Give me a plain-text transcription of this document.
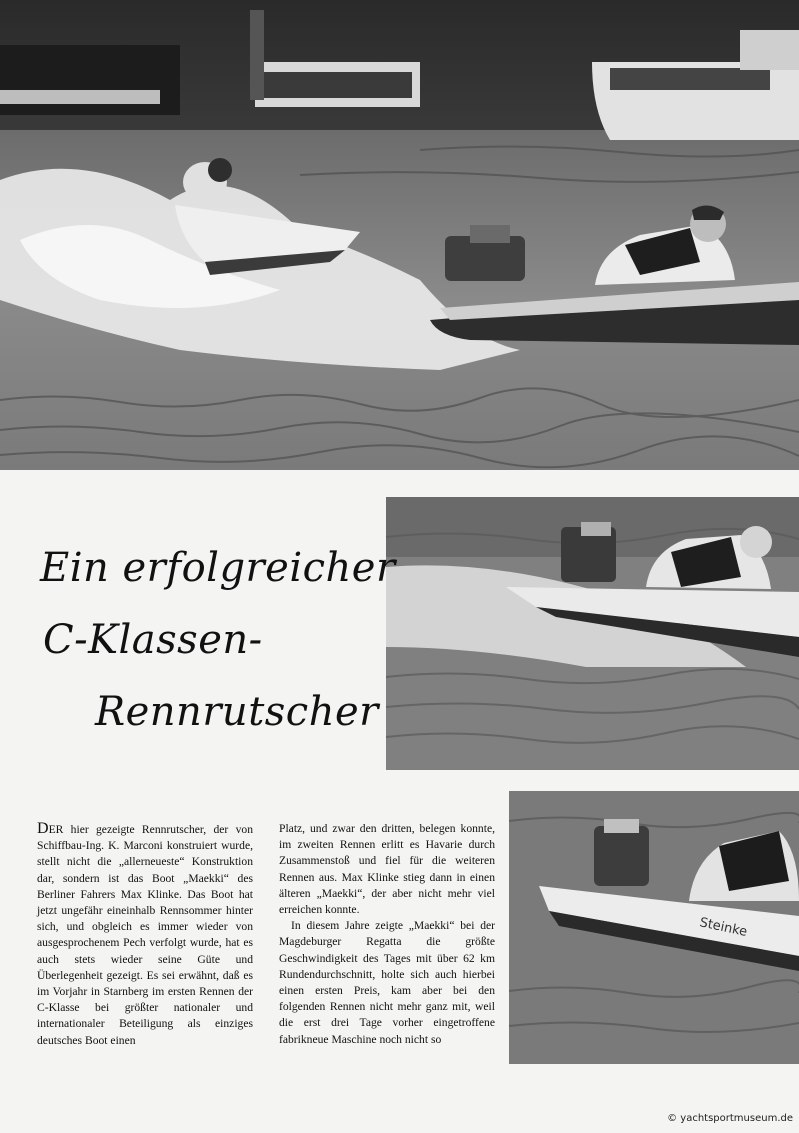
Steinke
Ein erfolgreicher
C-Klassen-
Rennrutscher

DER hier gezeigte Rennrutscher, der von Schiffbau-Ing. K. Marconi konstruiert wurde, stellt nicht die „allerneueste“ Konstruktion dar, sondern ist das Boot „Maekki“ des Berliner Fahrers Max Klinke. Das Boot hat jetzt ungefähr eineinhalb Rennsommer hinter sich, und obgleich es immer wieder von ausgesprochenem Pech verfolgt wurde, hat es auch stets wieder seine Güte und Überlegenheit gezeigt. Es sei erwähnt, daß es im Vorjahr in Starnberg im ersten Rennen der C-Klasse bei größter nationaler und internationaler Beteiligung als einziges deutsches Boot einen

Platz, und zwar den dritten, belegen konnte, im zweiten Rennen erlitt es Havarie durch Zusammenstoß und fiel für die weiteren Rennen aus. Max Klinke stieg dann in einen älteren „Maekki“, der aber nicht mehr viel erreichen konnte.

In diesem Jahre zeigte „Maekki“ bei der Magdeburger Regatta die größte Geschwindigkeit des Tages mit über 62 km Rundendurchschnitt, holte sich auch hierbei einen ersten Preis, kam aber bei den folgenden Rennen nicht mehr ganz mit, weil die erst drei Tage vorher eingetroffene fabrikneue Maschine noch nicht so

© yachtsportmuseum.de
